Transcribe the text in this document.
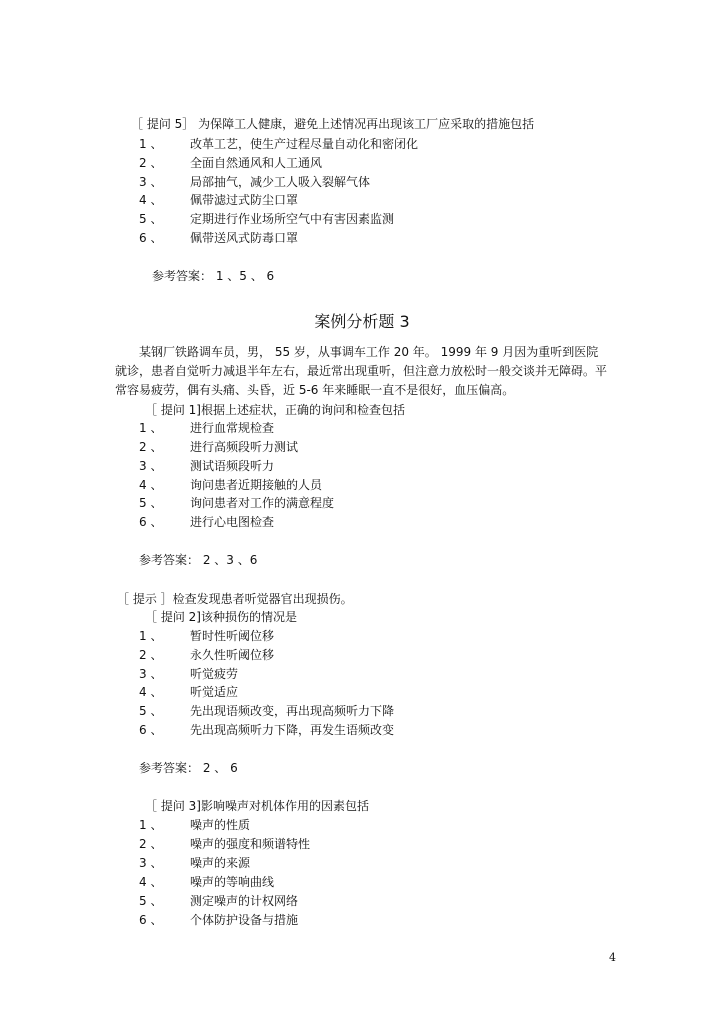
［ 提问 5］ 为保障工人健康，避免上述情况再出现该工厂应采取的措施包括
1 、 改革工艺，使生产过程尽量自动化和密闭化
2 、 全面自然通风和人工通风
3 、 局部抽气，减少工人吸入裂解气体
4 、 佩带滤过式防尘口罩
5 、 定期进行作业场所空气中有害因素监测
6 、 佩带送风式防毒口罩
参考答案： 1 、5 、 6
案例分析题 3
某钢厂铁路调车员，男， 55 岁，从事调车工作 20 年。 1999 年 9 月因为重听到医院就诊，患者自觉听力减退半年左右，最近常出现重听，但注意力放松时一般交谈并无障碍。平常容易疲劳，偶有头痛、头昏，近 5-6 年来睡眠一直不是很好，血压偏高。
［ 提问 1]根据上述症状，正确的询问和检查包括
1 、 进行血常规检查
2 、 进行高频段听力测试
3 、 测试语频段听力
4 、 询问患者近期接触的人员
5 、 询问患者对工作的满意程度
6 、 进行心电图检查
参考答案： 2 、3 、6
［ 提示 ］检查发现患者听觉器官出现损伤。
［ 提问 2]该种损伤的情况是
1 、 暂时性听阈位移
2 、 永久性听阈位移
3 、 听觉疲劳
4 、 听觉适应
5 、 先出现语频改变，再出现高频听力下降
6 、 先出现高频听力下降，再发生语频改变
参考答案： 2 、 6
［ 提问 3]影响噪声对机体作用的因素包括
1 、 噪声的性质
2 、 噪声的强度和频谱特性
3 、 噪声的来源
4 、 噪声的等响曲线
5 、 测定噪声的计权网络
6 、 个体防护设备与措施
4
